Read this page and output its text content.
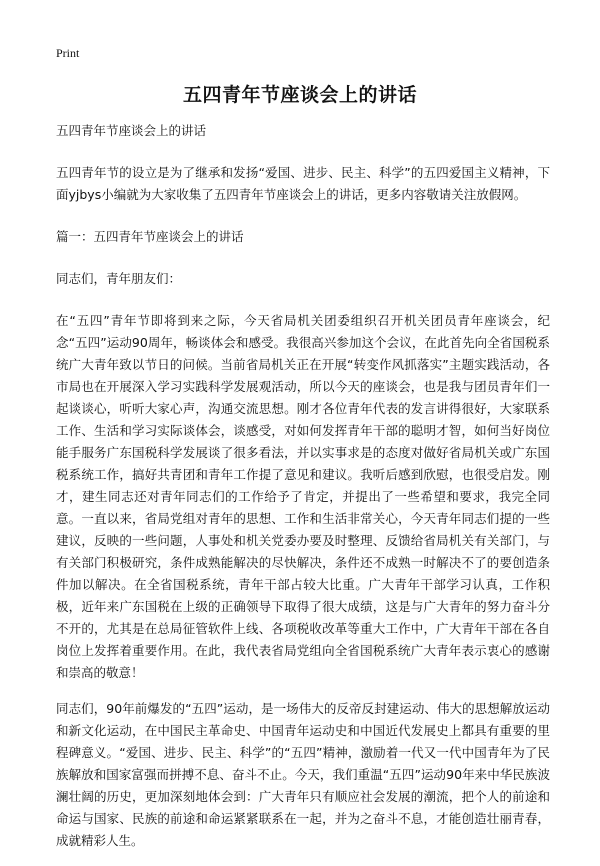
Print
五四青年节座谈会上的讲话

五四青年节座谈会上的讲话

五四青年节的设立是为了继承和发扬“爱国、进步、民主、科学”的五四爱国主义精神，下面yjbys小编就为大家收集了五四青年节座谈会上的讲话，更多内容敬请关注放假网。

篇一：五四青年节座谈会上的讲话

同志们，青年朋友们：

在“五四”青年节即将到来之际，今天省局机关团委组织召开机关团员青年座谈会，纪念“五四”运动90周年，畅谈体会和感受。我很高兴参加这个会议，在此首先向全省国税系统广大青年致以节日的问候。当前省局机关正在开展“转变作风抓落实”主题实践活动，各市局也在开展深入学习实践科学发展观活动，所以今天的座谈会，也是我与团员青年们一起谈谈心，听听大家心声，沟通交流思想。刚才各位青年代表的发言讲得很好，大家联系工作、生活和学习实际谈体会，谈感受，对如何发挥青年干部的聪明才智，如何当好岗位能手服务广东国税科学发展谈了很多看法，并以实事求是的态度对做好省局机关或广东国税系统工作，搞好共青团和青年工作提了意见和建议。我听后感到欣慰，也很受启发。刚才，建生同志还对青年同志们的工作给予了肯定，并提出了一些希望和要求，我完全同意。一直以来，省局党组对青年的思想、工作和生活非常关心，今天青年同志们提的一些建议，反映的一些问题，人事处和机关党委办要及时整理、反馈给省局机关有关部门，与有关部门积极研究，条件成熟能解决的尽快解决，条件还不成熟一时解决不了的要创造条件加以解决。在全省国税系统，青年干部占较大比重。广大青年干部学习认真，工作积极，近年来广东国税在上级的正确领导下取得了很大成绩，这是与广大青年的努力奋斗分不开的，尤其是在总局征管软件上线、各项税收改革等重大工作中，广大青年干部在各自岗位上发挥着重要作用。在此，我代表省局党组向全省国税系统广大青年表示衷心的感谢和崇高的敬意！

同志们，90年前爆发的“五四”运动，是一场伟大的反帝反封建运动、伟大的思想解放运动和新文化运动，在中国民主革命史、中国青年运动史和中国近代发展史上都具有重要的里程碑意义。“爱国、进步、民主、科学”的“五四”精神，激励着一代又一代中国青年为了民族解放和国家富强而拼搏不息、奋斗不止。今天，我们重温“五四”运动90年来中华民族波澜壮阔的历史，更加深刻地体会到：广大青年只有顺应社会发展的潮流，把个人的前途和命运与国家、民族的前途和命运紧紧联系在一起，并为之奋斗不息，才能创造壮丽青春，成就精彩人生。
